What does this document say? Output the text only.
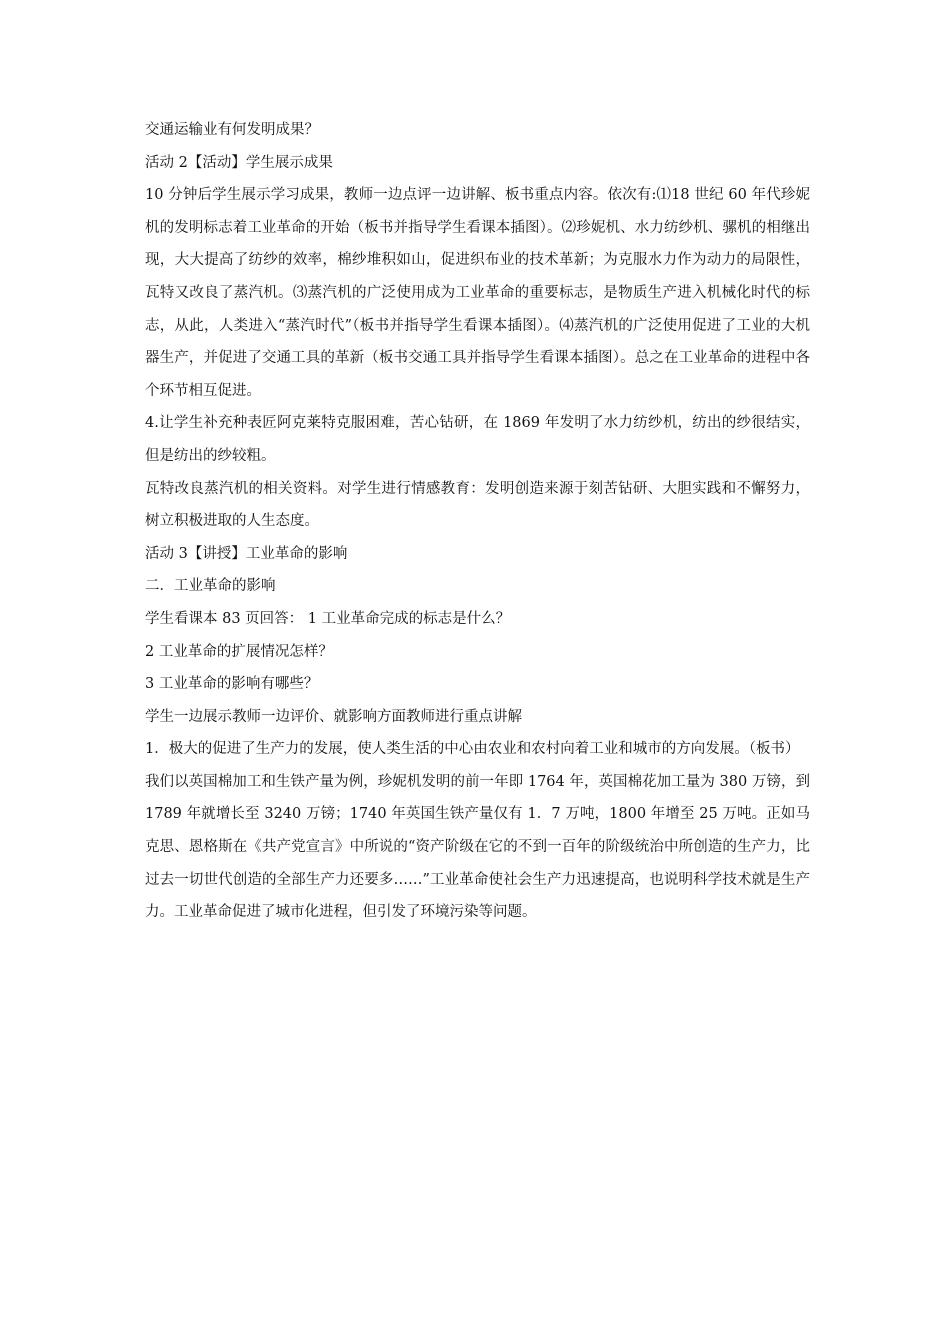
交通运输业有何发明成果？

活动 2【活动】学生展示成果

10 分钟后学生展示学习成果，教师一边点评一边讲解、板书重点内容。依次有:⑴18 世纪 60 年代珍妮机的发明标志着工业革命的开始（板书并指导学生看课本插图）。⑵珍妮机、水力纺纱机、骡机的相继出现，大大提高了纺纱的效率，棉纱堆积如山，促进织布业的技术革新；为克服水力作为动力的局限性，瓦特又改良了蒸汽机。⑶蒸汽机的广泛使用成为工业革命的重要标志，是物质生产进入机械化时代的标志，从此，人类进入“蒸汽时代”（板书并指导学生看课本插图）。⑷蒸汽机的广泛使用促进了工业的大机器生产，并促进了交通工具的革新（板书交通工具并指导学生看课本插图）。总之在工业革命的进程中各个环节相互促进。

4.让学生补充种表匠阿克莱特克服困难，苦心钻研，在 1869 年发明了水力纺纱机，纺出的纱很结实，但是纺出的纱较粗。

瓦特改良蒸汽机的相关资料。对学生进行情感教育：发明创造来源于刻苦钻研、大胆实践和不懈努力，树立积极进取的人生态度。

活动 3【讲授】工业革命的影响

二．工业革命的影响

学生看课本 83 页回答： 1 工业革命完成的标志是什么？

2 工业革命的扩展情况怎样？

3 工业革命的影响有哪些？

学生一边展示教师一边评价、就影响方面教师进行重点讲解

1．极大的促进了生产力的发展，使人类生活的中心由农业和农村向着工业和城市的方向发展。（板书）

我们以英国棉加工和生铁产量为例，珍妮机发明的前一年即 1764 年，英国棉花加工量为 380 万镑，到 1789 年就增长至 3240 万镑；1740 年英国生铁产量仅有 1．7 万吨，1800 年增至 25 万吨。正如马克思、恩格斯在《共产党宣言》中所说的“资产阶级在它的不到一百年的阶级统治中所创造的生产力，比过去一切世代创造的全部生产力还要多……”工业革命使社会生产力迅速提高，也说明科学技术就是生产力。工业革命促进了城市化进程，但引发了环境污染等问题。
